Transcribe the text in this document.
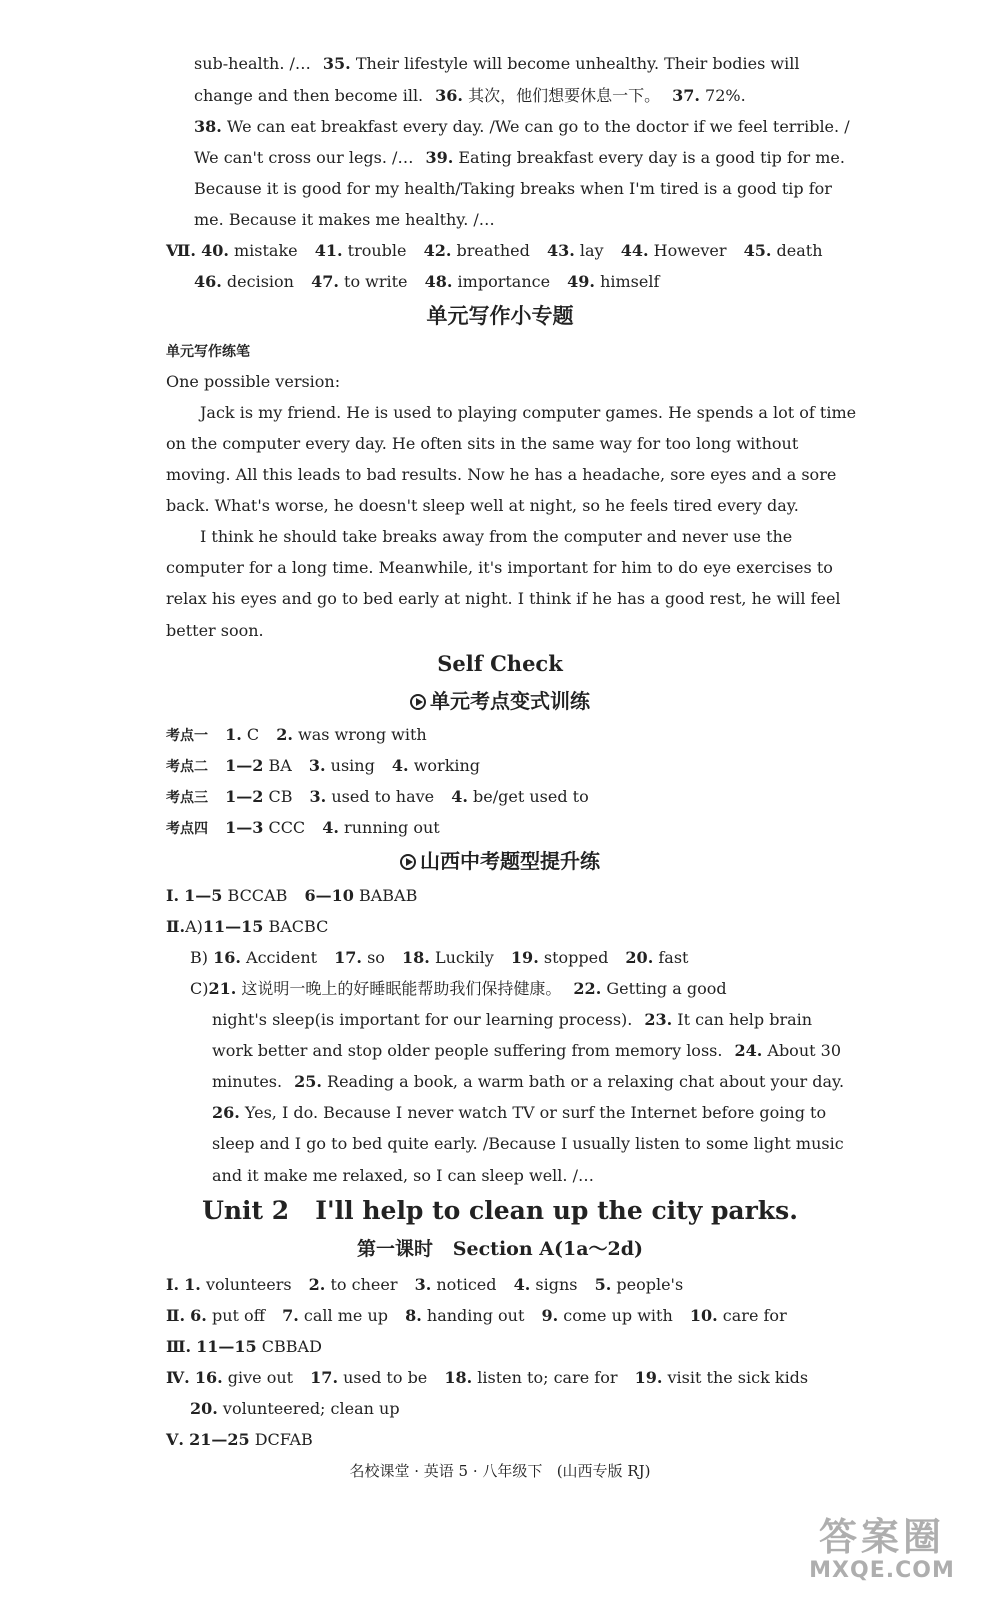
sub-health. /… 35. Their lifestyle will become unhealthy. Their bodies will
change and then become ill. 36. 其次，他们想要休息一下。 37. 72%.
38. We can eat breakfast every day. /We can go to the doctor if we feel terrible. /
We can't cross our legs. /… 39. Eating breakfast every day is a good tip for me.
Because it is good for my health/Taking breaks when I'm tired is a good tip for
me. Because it makes me healthy. /…
Ⅶ. 40. mistake 41. trouble 42. breathed 43. lay 44. However 45. death
46. decision 47. to write 48. importance 49. himself
单元写作小专题
单元写作练笔
One possible version:
Jack is my friend. He is used to playing computer games. He spends a lot of time
on the computer every day. He often sits in the same way for too long without
moving. All this leads to bad results. Now he has a headache, sore eyes and a sore
back. What's worse, he doesn't sleep well at night, so he feels tired every day.
I think he should take breaks away from the computer and never use the
computer for a long time. Meanwhile, it's important for him to do eye exercises to
relax his eyes and go to bed early at night. I think if he has a good rest, he will feel
better soon.
Self Check
单元考点变式训练
考点一 1. C 2. was wrong with
考点二 1—2 BA 3. using 4. working
考点三 1—2 CB 3. used to have 4. be/get used to
考点四 1—3 CCC 4. running out
山西中考题型提升练
Ⅰ. 1—5 BCCAB 6—10 BABAB
Ⅱ.A)11—15 BACBC
B) 16. Accident 17. so 18. Luckily 19. stopped 20. fast
C)21. 这说明一晚上的好睡眠能帮助我们保持健康。 22. Getting a good
night's sleep(is important for our learning process). 23. It can help brain
work better and stop older people suffering from memory loss. 24. About 30
minutes. 25. Reading a book, a warm bath or a relaxing chat about your day.
26. Yes, I do. Because I never watch TV or surf the Internet before going to
sleep and I go to bed quite early. /Because I usually listen to some light music
and it make me relaxed, so I can sleep well. /…
Unit 2   I'll help to clean up the city parks.
第一课时   Section A(1a～2d)
Ⅰ. 1. volunteers 2. to cheer 3. noticed 4. signs 5. people's
Ⅱ. 6. put off 7. call me up 8. handing out 9. come up with 10. care for
Ⅲ. 11—15 CBBAD
Ⅳ. 16. give out 17. used to be 18. listen to; care for 19. visit the sick kids
20. volunteered; clean up
Ⅴ. 21—25 DCFAB
名校课堂 · 英语 5 · 八年级下   (山西专版 RJ)
答案圈
MXQE.COM
